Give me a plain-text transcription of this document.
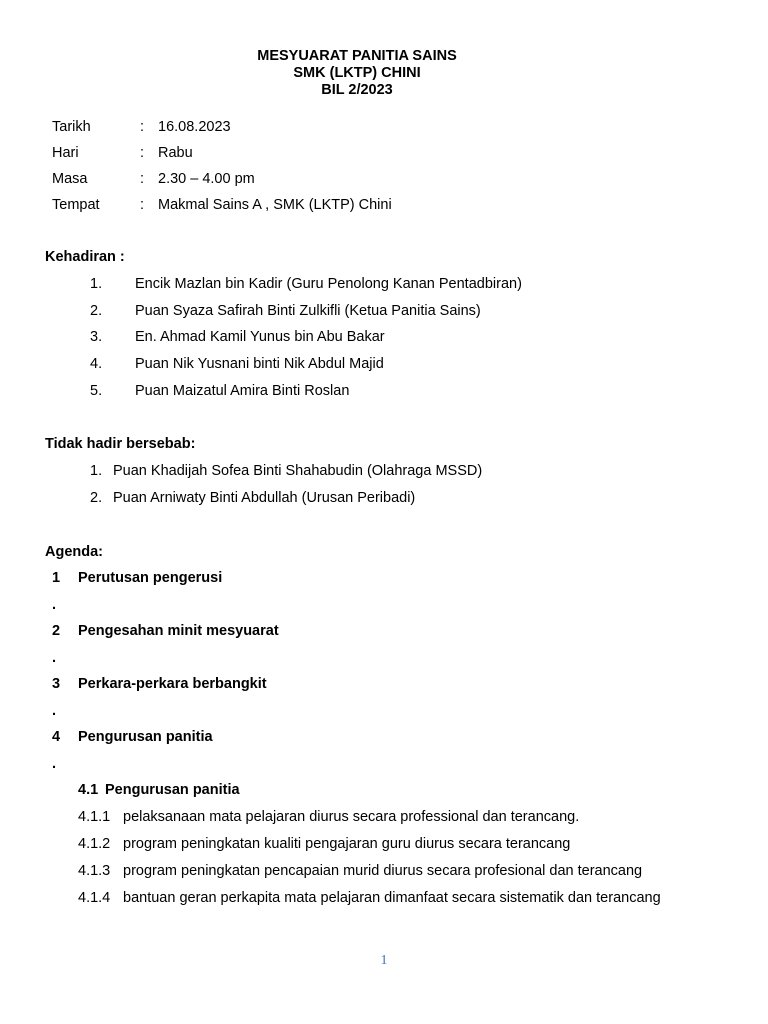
MESYUARAT PANITIA SAINS
SMK (LKTP) CHINI
BIL 2/2023
Tarikh	: 16.08.2023
Hari	: Rabu
Masa	: 2.30 – 4.00 pm
Tempat	: Makmal Sains A , SMK (LKTP) Chini
Kehadiran :
1. Encik Mazlan bin Kadir (Guru Penolong Kanan Pentadbiran)
2. Puan Syaza Safirah Binti Zulkifli (Ketua Panitia Sains)
3. En. Ahmad Kamil Yunus bin Abu Bakar
4. Puan Nik Yusnani binti Nik Abdul Majid
5. Puan Maizatul Amira Binti Roslan
Tidak hadir bersebab:
1. Puan Khadijah Sofea Binti Shahabudin (Olahraga MSSD)
2. Puan Arniwaty Binti Abdullah (Urusan Peribadi)
Agenda:
1 Perutusan pengerusi
.
2 Pengesahan minit mesyuarat
.
3 Perkara-perkara berbangkit
.
4 Pengurusan panitia
.
4.1 Pengurusan panitia
4.1.1 pelaksanaan mata pelajaran diurus secara professional dan terancang.
4.1.2 program peningkatan kualiti pengajaran guru diurus secara terancang
4.1.3 program peningkatan pencapaian murid diurus secara profesional dan terancang
4.1.4 bantuan geran perkapita mata pelajaran dimanfaat secara sistematik dan terancang
1
